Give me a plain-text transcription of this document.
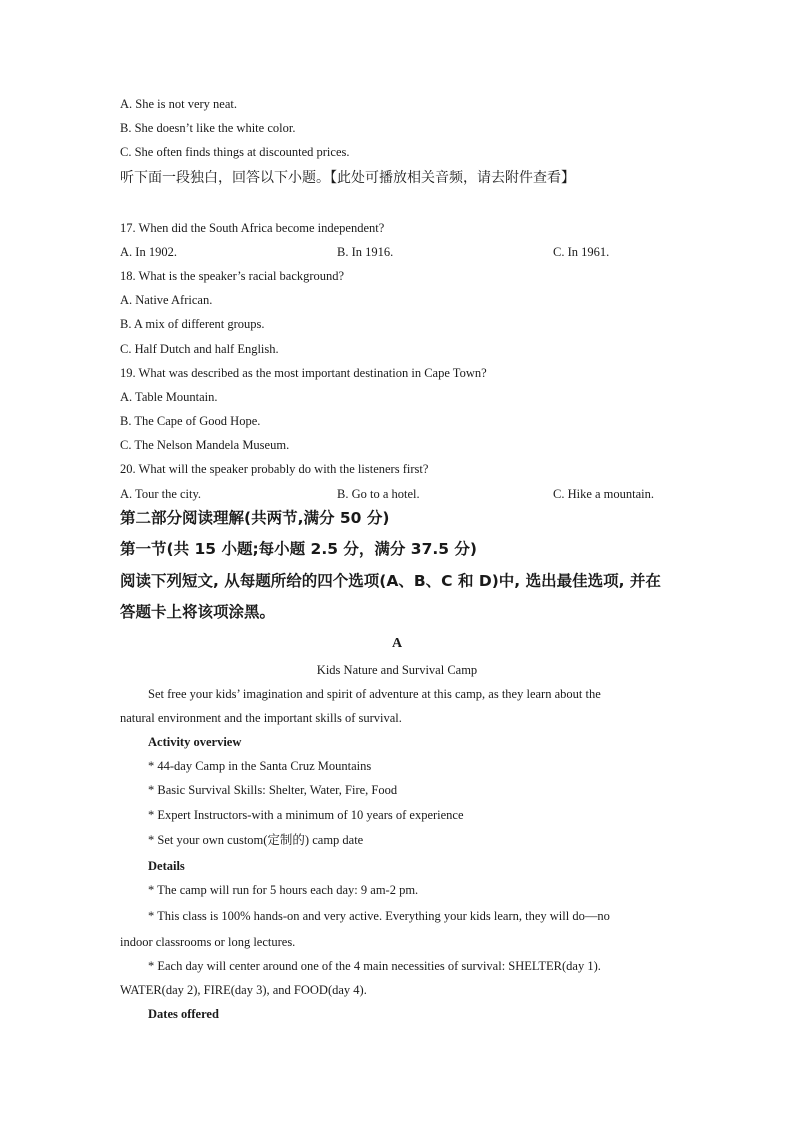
A. She is not very neat.
B. She doesn’t like the white color.
C. She often finds things at discounted prices.
听下面一段独白，回答以下小题。【此处可播放相关音频，请去附件查看】
17. When did the South Africa become independent?
A. In 1902.	B. In 1916.	C. In 1961.
18. What is the speaker’s racial background?
A. Native African.
B. A mix of different groups.
C. Half Dutch and half English.
19. What was described as the most important destination in Cape Town?
A. Table Mountain.
B. The Cape of Good Hope.
C. The Nelson Mandela Museum.
20. What will the speaker probably do with the listeners first?
A. Tour the city.	B. Go to a hotel.	C. Hike a mountain.
第二部分阅读理解(共两节,满分 50 分)
第一节(共 15 小题;每小题 2.5 分，满分 37.5 分)
阅读下列短文, 从每题所给的四个选项(A、B、C 和 D)中, 选出最佳选项, 并在
答题卡上将该项涂黑。
A
Kids Nature and Survival Camp
Set free your kids’ imagination and spirit of adventure at this camp, as they learn about the
natural environment and the important skills of survival.
Activity overview
* 44-day Camp in the Santa Cruz Mountains
* Basic Survival Skills: Shelter, Water, Fire, Food
* Expert Instructors-with a minimum of 10 years of experience
* Set your own custom(定制的) camp date
Details
* The camp will run for 5 hours each day: 9 am-2 pm.
* This class is 100% hands-on and very active. Everything your kids learn, they will do—no
indoor classrooms or long lectures.
* Each day will center around one of the 4 main necessities of survival: SHELTER(day 1).
WATER(day 2), FIRE(day 3), and FOOD(day 4).
Dates offered
